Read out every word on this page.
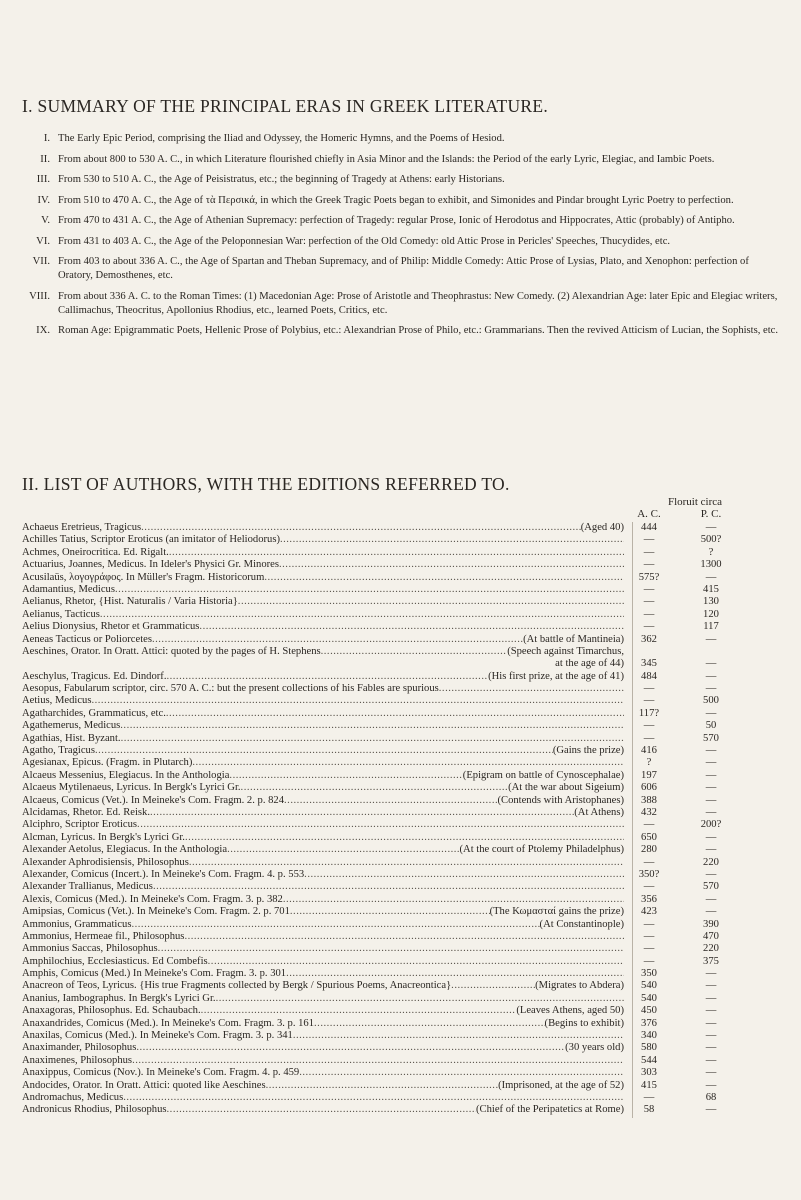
I. SUMMARY OF THE PRINCIPAL ERAS IN GREEK LITERATURE.
I. The Early Epic Period, comprising the Iliad and Odyssey, the Homeric Hymns, and the Poems of Hesiod.
II. From about 800 to 530 A. C., in which Literature flourished chiefly in Asia Minor and the Islands: the Period of the early Lyric, Elegiac, and Iambic Poets.
III. From 530 to 510 A. C., the Age of Peisistratus, etc.; the beginning of Tragedy at Athens: early Historians.
IV. From 510 to 470 A. C., the Age of τὰ Περσικά, in which the Greek Tragic Poets began to exhibit, and Simonides and Pindar brought Lyric Poetry to perfection.
V. From 470 to 431 A. C., the Age of Athenian Supremacy: perfection of Tragedy: regular Prose, Ionic of Herodotus and Hippocrates, Attic (probably) of Antipho.
VI. From 431 to 403 A. C., the Age of the Peloponnesian War: perfection of the Old Comedy: old Attic Prose in Pericles' Speeches, Thucydides, etc.
VII. From 403 to about 336 A. C., the Age of Spartan and Theban Supremacy, and of Philip: Middle Comedy: Attic Prose of Lysias, Plato, and Xenophon: perfection of Oratory, Demosthenes, etc.
VIII. From about 336 A. C. to the Roman Times: (1) Macedonian Age: Prose of Aristotle and Theophrastus: New Comedy. (2) Alexandrian Age: later Epic and Elegiac writers, Callimachus, Theocritus, Apollonius Rhodius, etc., learned Poets, Critics, etc.
IX. Roman Age: Epigrammatic Poets, Hellenic Prose of Polybius, etc.: Alexandrian Prose of Philo, etc.: Grammarians. Then the revived Atticism of Lucian, the Sophists, etc.
II. LIST OF AUTHORS, WITH THE EDITIONS REFERRED TO.
Floruit circa
A. C.	P. C.
Achaeus Eretrieus, Tragicus .....	(Aged 40)	444	—
Achilles Tatius, Scriptor Eroticus (an imitator of Heliodorus) .....	—	500?
Achmes, Oneirocritica. Ed. Rigalt. .....	—	?
Actuarius, Joannes, Medicus. In Ideler's Physici Gr. Minores .....	—	1300
Acusilaüs, λογογράφος. In Müller's Fragm. Historicorum .....	575?	—
Adamantius, Medicus .....	—	415
Aelianus, Rhetor, {Hist. Naturalis / Varia Historia} .....	—	130
Aelianus, Tacticus .....	—	120
Aelius Dionysius, Rhetor et Grammaticus .....	—	117
Aeneas Tacticus or Poliorcetes .....	(At battle of Mantineia)	362	—
Aeschines, Orator. In Oratt. Attici: quoted by the pages of H. Stephens .....	(Speech against Timarchus,
at the age of 44)	345	—
Aeschylus, Tragicus. Ed. Dindorf. .....	(His first prize, at the age of 41)	484	—
Aesopus, Fabularum scriptor, circ. 570 A. C.: but the present collections of his Fables are spurious .....	—	—
Aetius, Medicus .....	—	500
Agatharchides, Grammaticus, etc. .....	117?	—
Agathemerus, Medicus .....	—	50
Agathias, Hist. Byzant. .....	—	570
Agatho, Tragicus .....	(Gains the prize)	416	—
Agesianax, Epicus. (Fragm. in Plutarch) .....	?	—
Alcaeus Messenius, Elegiacus. In the Anthologia .....	(Epigram on battle of Cynoscephalae)	197	—
Alcaeus Mytilenaeus, Lyricus. In Bergk's Lyrici Gr. .....	(At the war about Sigeium)	606	—
Alcaeus, Comicus (Vet.). In Meineke's Com. Fragm. 2. p. 824 .....	(Contends with Aristophanes)	388	—
Alcidamas, Rhetor. Ed. Reisk. .....	(At Athens)	432	—
Alciphro, Scriptor Eroticus .....	—	200?
Alcman, Lyricus. In Bergk's Lyrici Gr. .....	650	—
Alexander Aetolus, Elegiacus. In the Anthologia .....	(At the court of Ptolemy Philadelphus)	280	—
Alexander Aphrodisiensis, Philosophus .....	—	220
Alexander, Comicus (Incert.). In Meineke's Com. Fragm. 4. p. 553 .....	350?	—
Alexander Trallianus, Medicus .....	—	570
Alexis, Comicus (Med.). In Meineke's Com. Fragm. 3. p. 382 .....	356	—
Amipsias, Comicus (Vet.). In Meineke's Com. Fragm. 2. p. 701 .....	(The Κωμασταί gains the prize)	423	—
Ammonius, Grammaticus .....	(At Constantinople)	—	390
Ammonius, Hermeae fil., Philosophus .....	—	470
Ammonius Saccas, Philosophus .....	—	220
Amphilochius, Ecclesiasticus. Ed Combefis .....	—	375
Amphis, Comicus (Med.) In Meineke's Com. Fragm. 3. p. 301 .....	350	—
Anacreon of Teos, Lyricus. {His true Fragments collected by Bergk / Spurious Poems, Anacreontica} .....	(Migrates to Abdera)	540	—
Ananius, Iambographus. In Bergk's Lyrici Gr. .....	540	—
Anaxagoras, Philosophus. Ed. Schaubach. .....	(Leaves Athens, aged 50)	450	—
Anaxandrides, Comicus (Med.). In Meineke's Com. Fragm. 3. p. 161 .....	(Begins to exhibit)	376	—
Anaxilas, Comicus (Med.). In Meineke's Com. Fragm. 3. p. 341 .....	340	—
Anaximander, Philosophus .....	(30 years old)	580	—
Anaximenes, Philosophus .....	544	—
Anaxippus, Comicus (Nov.). In Meineke's Com. Fragm. 4. p. 459 .....	303	—
Andocides, Orator. In Oratt. Attici: quoted like Aeschines .....	(Imprisoned, at the age of 52)	415	—
Andromachus, Medicus .....	—	68
Andronicus Rhodius, Philosophus .....	(Chief of the Peripatetics at Rome)	58	—
